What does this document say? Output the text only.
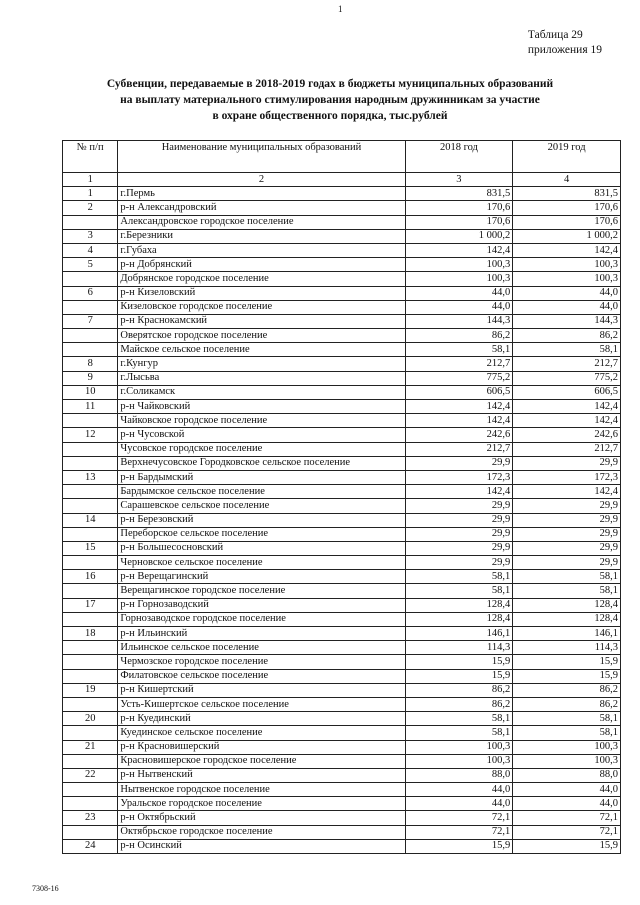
1
Таблица 29
приложения 19
Субвенции, передаваемые в 2018-2019 годах в бюджеты муниципальных образований
на выплату материального стимулирования народным дружинникам за участие
в охране общественного порядка, тыс.рублей
№ п/п	Наименование муниципальных образований	2018 год	2019 год
1	2	3	4
1	г.Пермь	831,5	831,5
2	р-н Александровский	170,6	170,6
	Александровское городское поселение	170,6	170,6
3	г.Березники	1 000,2	1 000,2
4	г.Губаха	142,4	142,4
5	р-н Добрянский	100,3	100,3
	Добрянское городское поселение	100,3	100,3
6	р-н Кизеловский	44,0	44,0
	Кизеловское городское поселение	44,0	44,0
7	р-н Краснокамский	144,3	144,3
	Оверятское городское поселение	86,2	86,2
	Майское сельское поселение	58,1	58,1
8	г.Кунгур	212,7	212,7
9	г.Лысьва	775,2	775,2
10	г.Соликамск	606,5	606,5
11	р-н Чайковский	142,4	142,4
	Чайковское городское поселение	142,4	142,4
12	р-н Чусовской	242,6	242,6
	Чусовское городское поселение	212,7	212,7
	Верхнечусовское Городковское сельское поселение	29,9	29,9
13	р-н Бардымский	172,3	172,3
	Бардымское сельское поселение	142,4	142,4
	Сарашевское сельское поселение	29,9	29,9
14	р-н Березовский	29,9	29,9
	Переборское сельское поселение	29,9	29,9
15	р-н Большесосновский	29,9	29,9
	Черновское сельское поселение	29,9	29,9
16	р-н Верещагинский	58,1	58,1
	Верещагинское городское поселение	58,1	58,1
17	р-н Горнозаводский	128,4	128,4
	Горнозаводское городское поселение	128,4	128,4
18	р-н Ильинский	146,1	146,1
	Ильинское сельское поселение	114,3	114,3
	Чермозское городское поселение	15,9	15,9
	Филатовское сельское поселение	15,9	15,9
19	р-н Кишертский	86,2	86,2
	Усть-Кишертское сельское поселение	86,2	86,2
20	р-н Куединский	58,1	58,1
	Куединское сельское поселение	58,1	58,1
21	р-н Красновишерский	100,3	100,3
	Красновишерское городское поселение	100,3	100,3
22	р-н Нытвенский	88,0	88,0
	Нытвенское городское поселение	44,0	44,0
	Уральское городское поселение	44,0	44,0
23	р-н Октябрьский	72,1	72,1
	Октябрьское городское поселение	72,1	72,1
24	р-н Осинский	15,9	15,9
7308-16
